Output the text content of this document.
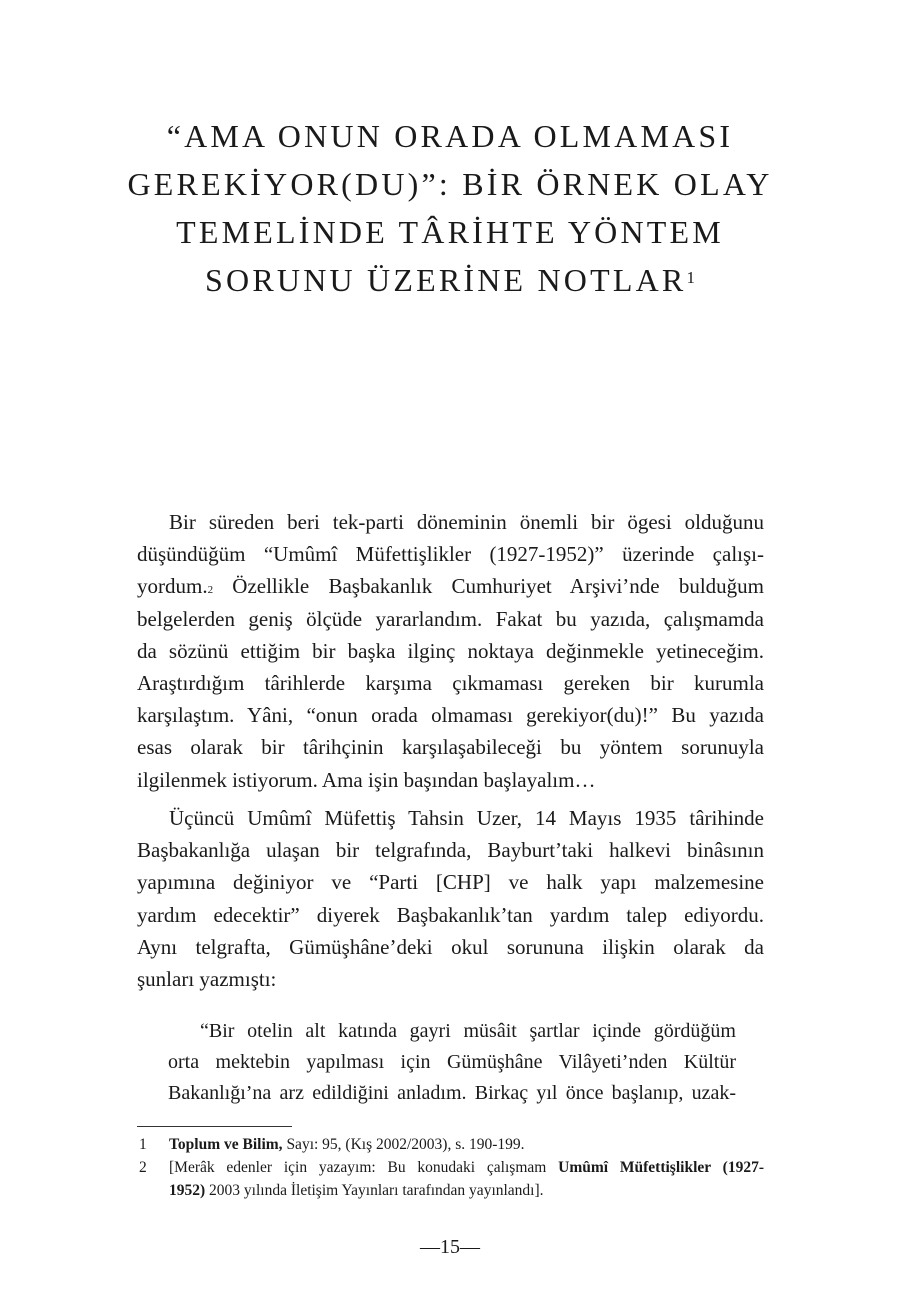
“AMA ONUN ORADA OLMAMASI
GEREKİYOR(DU)”: BİR ÖRNEK OLAY
TEMELİNDE TÂRİHTE YÖNTEM
SORUNU ÜZERİNE NOTLAR$^1$
Bir süreden beri tek-parti döneminin önemli bir ögesi olduğunu
düşündüğüm “Umûmî Müfettişlikler (1927-1952)” üzerinde çalışı-
yordum.$^2$ Özellikle Başbakanlık Cumhuriyet Arşivi’nde bulduğum
belgelerden geniş ölçüde yararlandım. Fakat bu yazıda, çalışmamda
da sözünü ettiğim bir başka ilginç noktaya değinmekle yetineceğim.
Araştırdığım târihlerde karşıma çıkmaması gereken bir kurumla
karşılaştım. Yâni, “onun orada olmaması gerekiyor(du)!” Bu yazıda
esas olarak bir târihçinin karşılaşabileceği bu yöntem sorunuyla
ilgilenmek istiyorum. Ama işin başından başlayalım…
Üçüncü Umûmî Müfettiş Tahsin Uzer, 14 Mayıs 1935 târihinde
Başbakanlığa ulaşan bir telgrafında, Bayburt’taki halkevi binâsının
yapımına değiniyor ve “Parti [CHP] ve halk yapı malzemesine
yardım edecektir” diyerek Başbakanlık’tan yardım talep ediyordu.
Aynı telgrafta, Gümüşhâne’deki okul sorununa ilişkin olarak da
şunları yazmıştı:
“Bir otelin alt katında gayri müsâit şartlar içinde gördüğüm
orta mektebin yapılması için Gümüşhâne Vilâyeti’nden Kültür
Bakanlığı’na arz edildiğini anladım. Birkaç yıl önce başlanıp, uzak-
1 Toplum ve Bilim, Sayı: 95, (Kış 2002/2003), s. 190-199.
2 [Merâk edenler için yazayım: Bu konudaki çalışmam Umûmî Müfettişlikler (1927-
1952) 2003 yılında İletişim Yayınları tarafından yayınlandı].
—15—
